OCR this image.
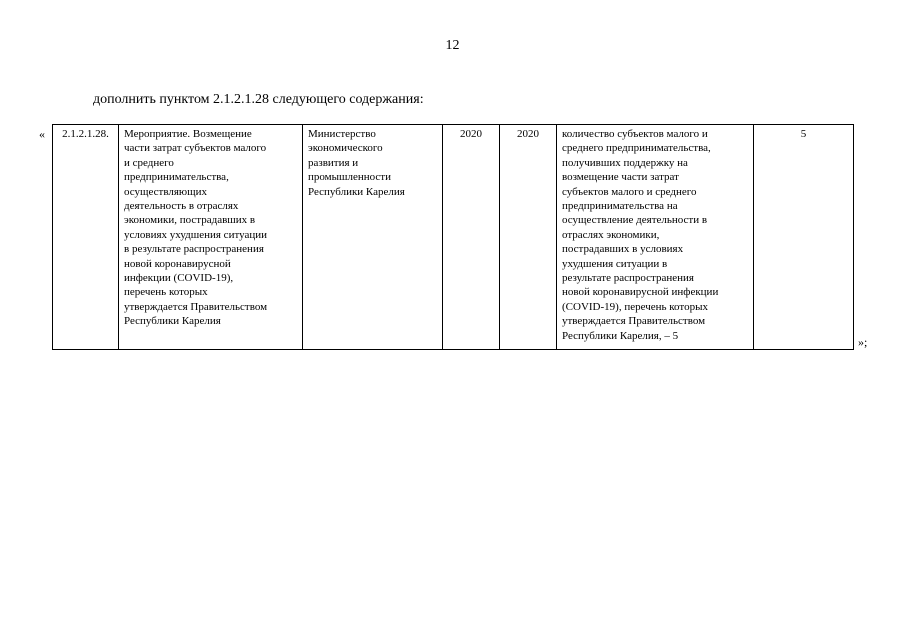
12
дополнить пунктом 2.1.2.1.28 следующего содержания:
« 2.1.2.1.28.	Мероприятие. Возмещение
части затрат субъектов малого
и среднего
предпринимательства,
осуществляющих
деятельность в отраслях
экономики, пострадавших в
условиях ухудшения ситуации
в результате распространения
новой коронавирусной
инфекции (COVID-19),
перечень которых
утверждается Правительством
Республики Карелия	Министерство
экономического
развития и
промышленности
Республики Карелия	2020	2020	количество субъектов малого и
среднего предпринимательства,
получивших поддержку на
возмещение части затрат
субъектов малого и среднего
предпринимательства на
осуществление деятельности в
отраслях экономики,
пострадавших в условиях
ухудшения ситуации в
результате распространения
новой коронавирусной инфекции
(COVID-19), перечень которых
утверждается Правительством
Республики Карелия, – 5	5
»;
